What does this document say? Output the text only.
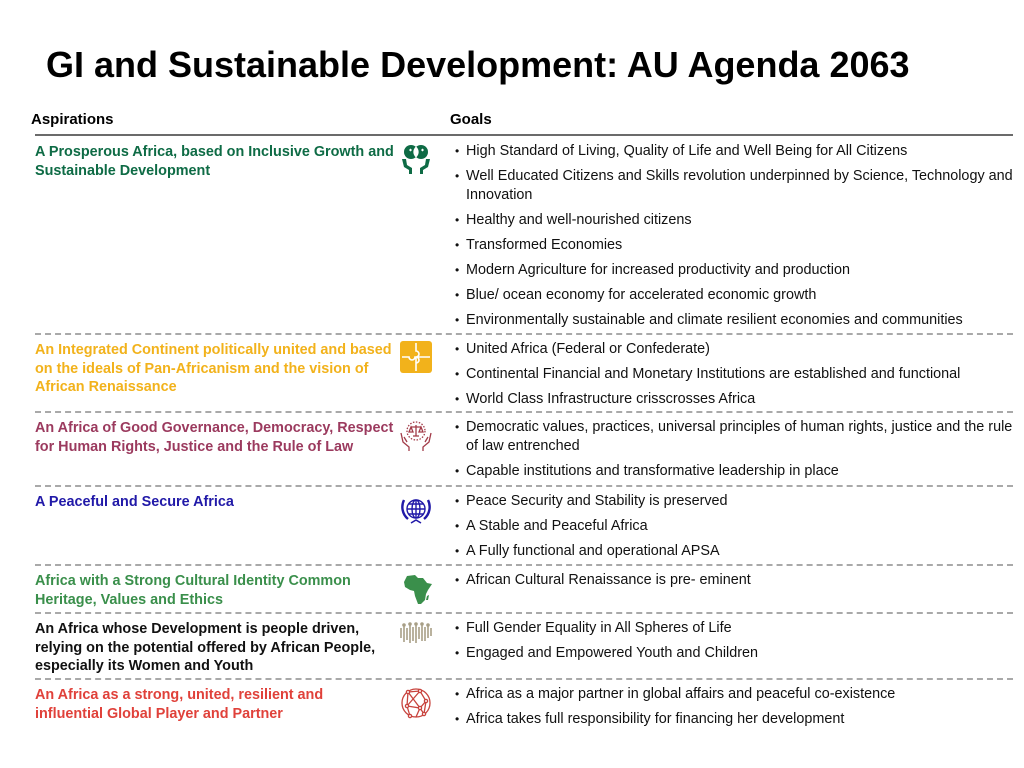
GI and Sustainable Development: AU Agenda 2063
Aspirations	Goals
A Prosperous Africa, based on Inclusive Growth and Sustainable Development
• High Standard of Living, Quality of Life and Well Being for All Citizens
• Well Educated Citizens and Skills revolution underpinned by Science, Technology and Innovation
• Healthy and well-nourished citizens
• Transformed Economies
• Modern Agriculture for increased productivity and production
• Blue/ ocean economy for accelerated economic growth
• Environmentally sustainable and climate resilient economies and communities
An Integrated Continent politically united and based on the ideals of Pan-Africanism and the vision of African Renaissance
• United Africa (Federal or Confederate)
• Continental Financial and Monetary Institutions are established and functional
• World Class Infrastructure crisscrosses Africa
An Africa of Good Governance, Democracy, Respect for Human Rights, Justice and the Rule of Law
• Democratic values, practices, universal principles of human rights, justice and the rule of law entrenched
• Capable institutions and transformative leadership in place
A Peaceful and Secure Africa	• Peace Security and Stability is preserved
• A Stable and Peaceful Africa
• A Fully functional and operational APSA
Africa with a Strong Cultural Identity Common Heritage, Values and Ethics
• African Cultural Renaissance is pre- eminent
An Africa whose Development is people driven, relying on the potential offered by African People, especially its Women and Youth
• Full Gender Equality in All Spheres of Life
• Engaged and Empowered Youth and Children
An Africa as a strong, united, resilient and influential Global Player and Partner
• Africa as a major partner in global affairs and peaceful co-existence
• Africa takes full responsibility for financing her development
